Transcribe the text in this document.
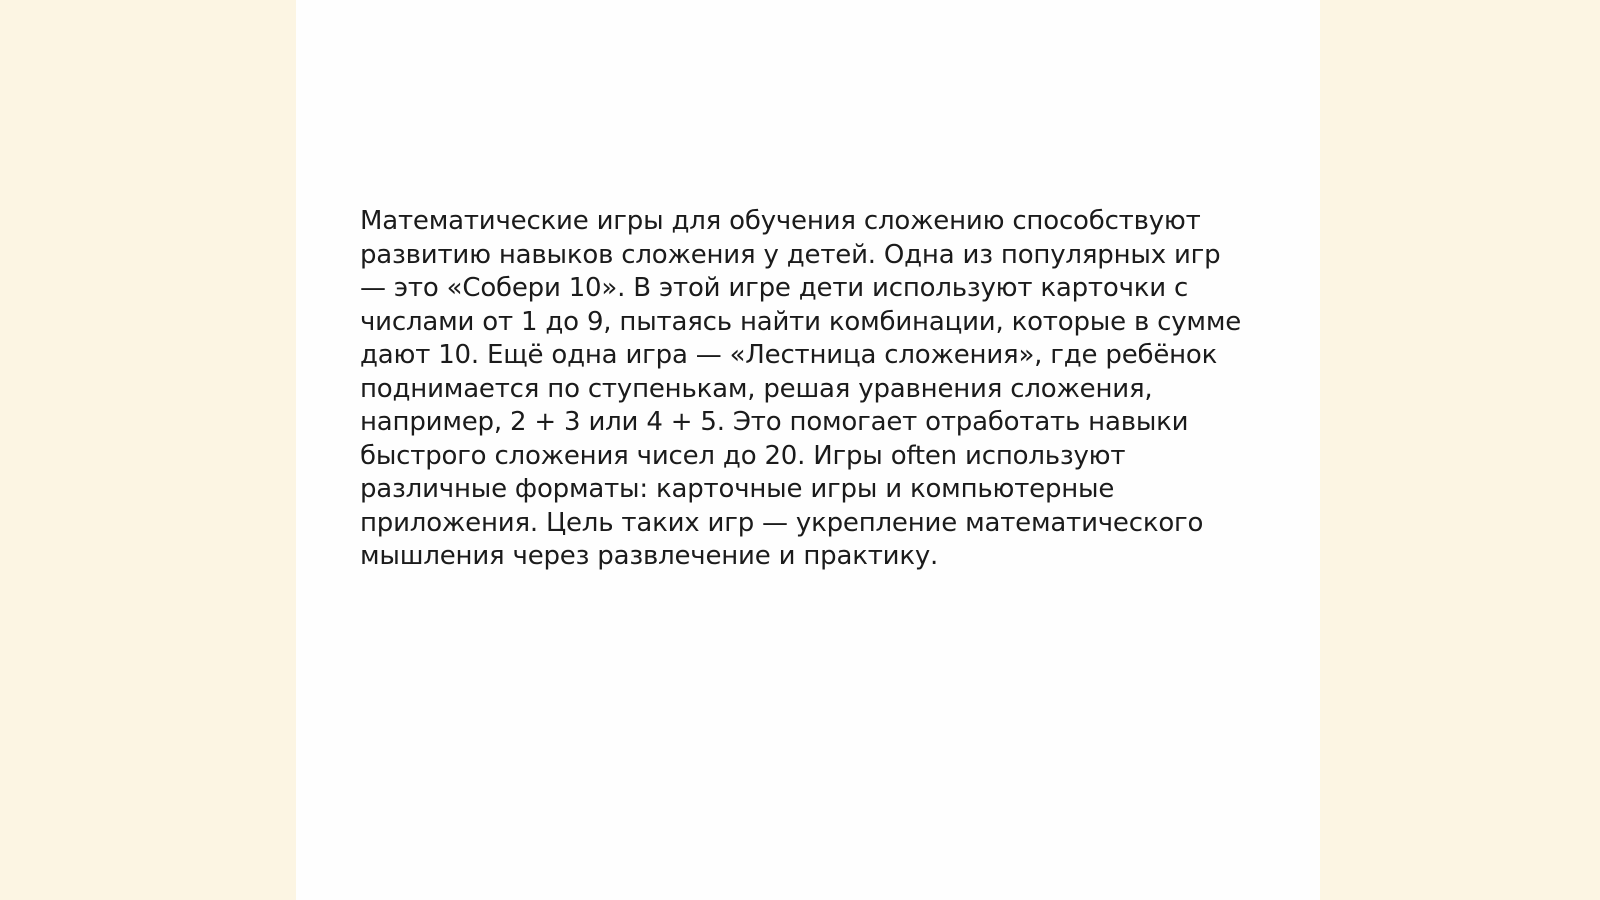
Математические игры для обучения сложению способствуют развитию навыков сложения у детей. Одна из популярных игр — это «Собери 10». В этой игре дети используют карточки с числами от 1 до 9, пытаясь найти комбинации, которые в сумме дают 10. Ещё одна игра — «Лестница сложения», где ребёнок поднимается по ступенькам, решая уравнения сложения, например, 2 + 3 или 4 + 5. Это помогает отработать навыки быстрого сложения чисел до 20. Игры often используют различные форматы: карточные игры и компьютерные приложения. Цель таких игр — укрепление математического мышления через развлечение и практику.
